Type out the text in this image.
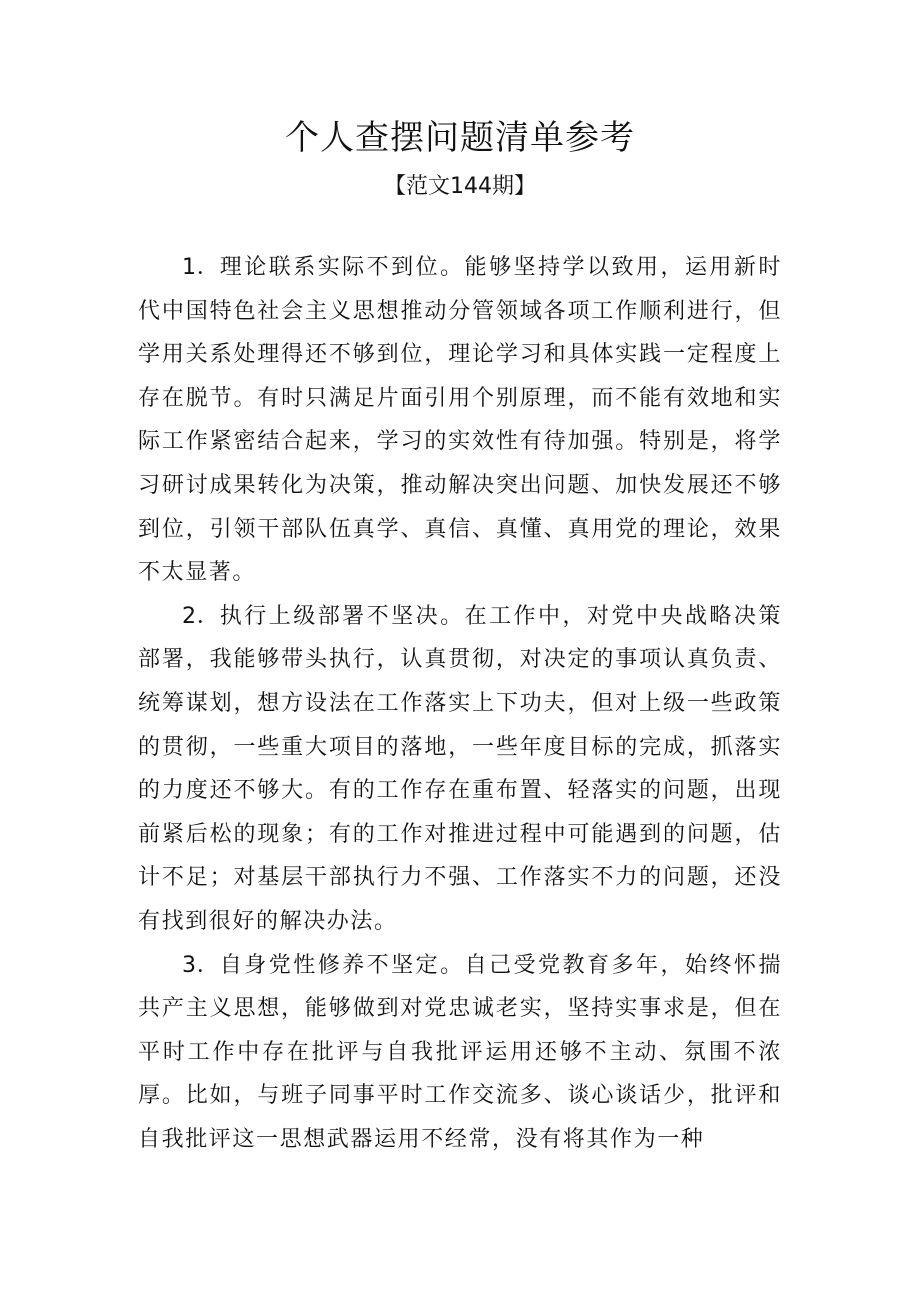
个人查摆问题清单参考
【范文144期】

1．理论联系实际不到位。能够坚持学以致用，运用新时代中国特色社会主义思想推动分管领域各项工作顺利进行，但学用关系处理得还不够到位，理论学习和具体实践一定程度上存在脱节。有时只满足片面引用个别原理，而不能有效地和实际工作紧密结合起来，学习的实效性有待加强。特别是，将学习研讨成果转化为决策，推动解决突出问题、加快发展还不够到位，引领干部队伍真学、真信、真懂、真用党的理论，效果不太显著。

2．执行上级部署不坚决。在工作中，对党中央战略决策部署，我能够带头执行，认真贯彻，对决定的事项认真负责、统筹谋划，想方设法在工作落实上下功夫，但对上级一些政策的贯彻，一些重大项目的落地，一些年度目标的完成，抓落实的力度还不够大。有的工作存在重布置、轻落实的问题，出现前紧后松的现象；有的工作对推进过程中可能遇到的问题，估计不足；对基层干部执行力不强、工作落实不力的问题，还没有找到很好的解决办法。

3．自身党性修养不坚定。自己受党教育多年，始终怀揣共产主义思想，能够做到对党忠诚老实，坚持实事求是，但在平时工作中存在批评与自我批评运用还够不主动、氛围不浓厚。比如，与班子同事平时工作交流多、谈心谈话少，批评和自我批评这一思想武器运用不经常，没有将其作为一种
